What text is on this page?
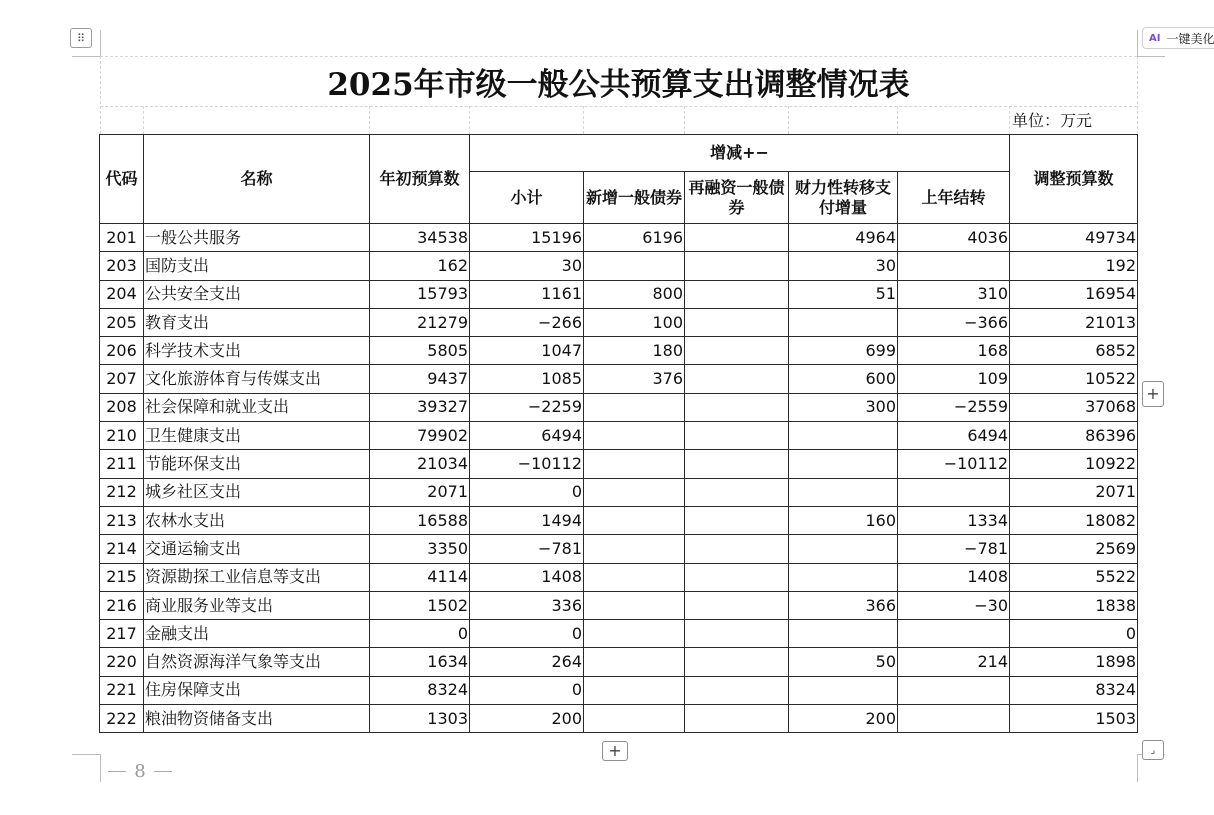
⠿	AI 一键美化
+
+	⌟
8
2025年市级一般公共预算支出调整情况表
单位：万元
代码	名称	年初预算数	增减+−					调整预算数
			小计	新增一般债券	再融资一般债券	财力性转移支付增量	上年结转	
201	一般公共服务	34538	15196	6196		4964	4036	49734
203	国防支出	162	30			30		192
204	公共安全支出	15793	1161	800		51	310	16954
205	教育支出	21279	−266	100			−366	21013
206	科学技术支出	5805	1047	180		699	168	6852
207	文化旅游体育与传媒支出	9437	1085	376		600	109	10522
208	社会保障和就业支出	39327	−2259			300	−2559	37068
210	卫生健康支出	79902	6494				6494	86396
211	节能环保支出	21034	−10112				−10112	10922
212	城乡社区支出	2071	0					2071
213	农林水支出	16588	1494			160	1334	18082
214	交通运输支出	3350	−781				−781	2569
215	资源勘探工业信息等支出	4114	1408				1408	5522
216	商业服务业等支出	1502	336			366	−30	1838
217	金融支出	0	0					0
220	自然资源海洋气象等支出	1634	264			50	214	1898
221	住房保障支出	8324	0					8324
222	粮油物资储备支出	1303	200			200		1503
